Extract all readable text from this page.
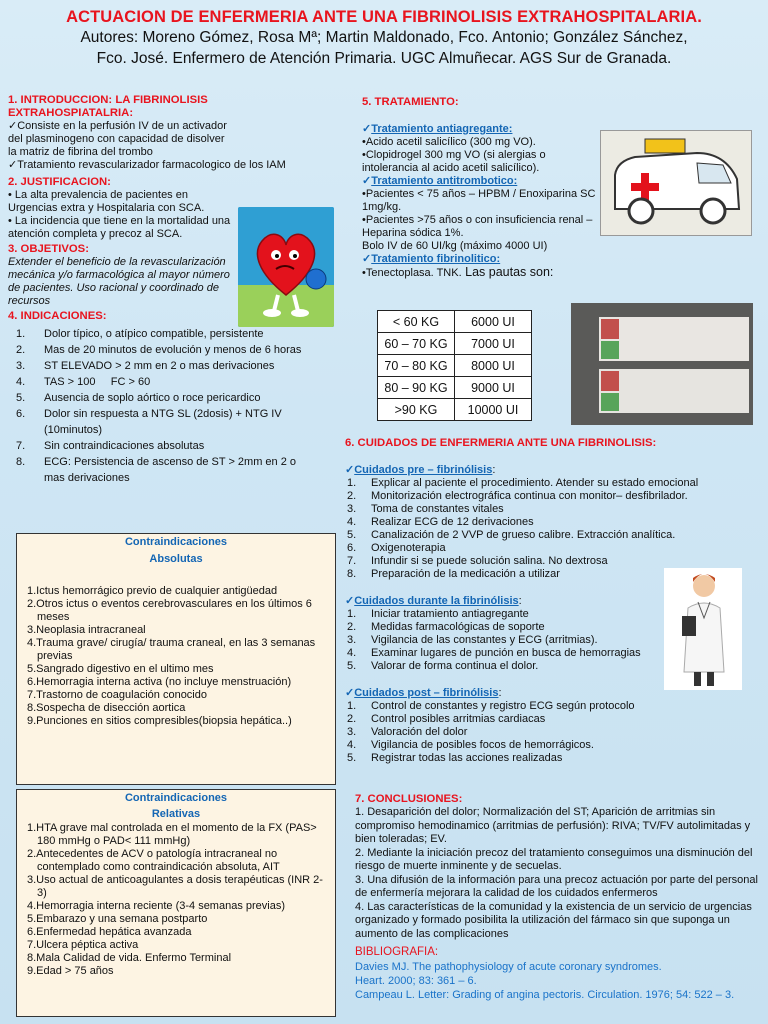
ACTUACION DE ENFERMERIA ANTE UNA FIBRINOLISIS EXTRAHOSPITALARIA.
Autores: Moreno Gómez, Rosa Mª; Martin Maldonado, Fco. Antonio; González Sánchez,
Fco. José. Enfermero de Atención Primaria. UGC Almuñecar. AGS Sur de Granada.
1. INTRODUCCION: LA FIBRINOLISIS EXTRAHOSPIATALRIA:

✓Consiste en la perfusión IV de un activador del plasminogeno con capacidad de disolver la matriz de fibrina del trombo

✓Tratamiento revascularizador farmacologico de los IAM

2. JUSTIFICACION:

• La alta prevalencia de pacientes en Urgencias extra y Hospitalaria con SCA.

• La incidencia que tiene en la mortalidad una atención completa y precoz al SCA.

3. OBJETIVOS:

Extender el beneficio de la revascularización mecánica y/o farmacológica al mayor número de pacientes. Uso racional y coordinado de recursos

4. INDICACIONES:
1. Dolor típico, o atípico compatible, persistente
2. Mas de 20 minutos de evolución y menos de 6 horas
3. ST ELEVADO > 2 mm en 2 o mas derivaciones
4. TAS > 100     FC > 60
5. Ausencia de soplo aórtico o roce pericardico
6. Dolor sin respuesta a NTG SL (2dosis) + NTG IV (10minutos)
7. Sin contraindicaciones absolutas
8. ECG: Persistencia de ascenso de ST > 2mm en 2 o mas derivaciones
Contraindicaciones
Absolutas
1.Ictus hemorrágico previo de cualquier antigüedad
2.Otros ictus o eventos cerebrovasculares en los últimos 6 meses
3.Neoplasia intracraneal
4.Trauma grave/ cirugía/ trauma craneal, en las 3 semanas previas
5.Sangrado digestivo en el ultimo mes
6.Hemorragia interna activa (no incluye menstruación)
7.Trastorno de coagulación conocido
8.Sospecha de disección aortica
9.Punciones en sitios compresibles(biopsia hepática..)
Contraindicaciones
Relativas
1.HTA grave mal controlada en el momento de la FX (PAS> 180 mmHg o PAD< 111 mmHg)
2.Antecedentes de ACV o patología intracraneal no contemplado como contraindicación absoluta, AIT
3.Uso actual de anticoagulantes a dosis terapéuticas (INR 2- 3)
4.Hemorragia interna reciente (3-4 semanas previas)
5.Embarazo y una semana postparto
6.Enfermedad hepática avanzada
7.Ulcera péptica activa
8.Mala Calidad de vida. Enfermo Terminal
9.Edad > 75 años
5. TRATAMIENTO:
✓Tratamiento antiagregante:

•Acido acetil salicílico (300 mg VO).

•Clopidrogel 300 mg VO (si alergias o intolerancia al acido acetil salicílico).

✓Tratamiento antitrombotico:

•Pacientes < 75 años – HPBM / Enoxiparina SC 1mg/kg.

•Pacientes >75 años o con insuficiencia renal – Heparina sódica 1%.

Bolo IV de 60 UI/kg (máximo 4000 UI)

✓Tratamiento fibrinolitico:

•Tenectoplasa. TNK. Las pautas son:

< 60 KG	6000 UI
60 – 70 KG	7000 UI
70 – 80 KG	8000 UI
80 – 90 KG	9000 UI
>90 KG	10000 UI
6. CUIDADOS DE ENFERMERIA ANTE UNA FIBRINOLISIS:
✓Cuidados pre – fibrinólisis:
1. Explicar al paciente el procedimiento. Atender su estado emocional
2. Monitorización electrográfica continua con monitor– desfibrilador.
3. Toma de constantes vitales
4. Realizar ECG de 12 derivaciones
5. Canalización de 2 VVP de grueso calibre. Extracción analítica.
6. Oxigenoterapia
7. Infundir si se puede solución salina. No dextrosa
8. Preparación de la medicación a utilizar
✓Cuidados durante la fibrinólisis:
1. Iniciar tratamiento antiagregante
2. Medidas farmacológicas de soporte
3. Vigilancia de las constantes y ECG (arritmias).
4. Examinar lugares de punción en busca de hemorragias
5. Valorar de forma continua el dolor.
✓Cuidados post – fibrinólisis:
1. Control de constantes y registro ECG según protocolo
2. Control posibles arritmias cardiacas
3. Valoración del dolor
4. Vigilancia de posibles focos de hemorrágicos.
5. Registrar todas las acciones realizadas
7. CONCLUSIONES:

1. Desaparición del dolor; Normalización del ST; Aparición de arritmias sin compromiso hemodinamico (arritmias de perfusión): RIVA; TV/FV autolimitadas y bien toleradas; EV.

2. Mediante la iniciación precoz del tratamiento conseguimos una disminución del riesgo de muerte inminente y de secuelas.

3. Una difusión de la información para una precoz actuación por parte del personal de enfermería mejorara la calidad de los cuidados enfermeros

4. Las características de la comunidad y la existencia de un servicio de urgencias organizado y formado posibilita la utilización del fármaco sin que suponga un aumento de las complicaciones

BIBLIOGRAFIA:

Davies MJ. The pathophysiology of acute coronary syndromes.

Heart. 2000; 83: 361 – 6.

Campeau L. Letter: Grading of angina pectoris. Circulation. 1976; 54: 522 – 3.
